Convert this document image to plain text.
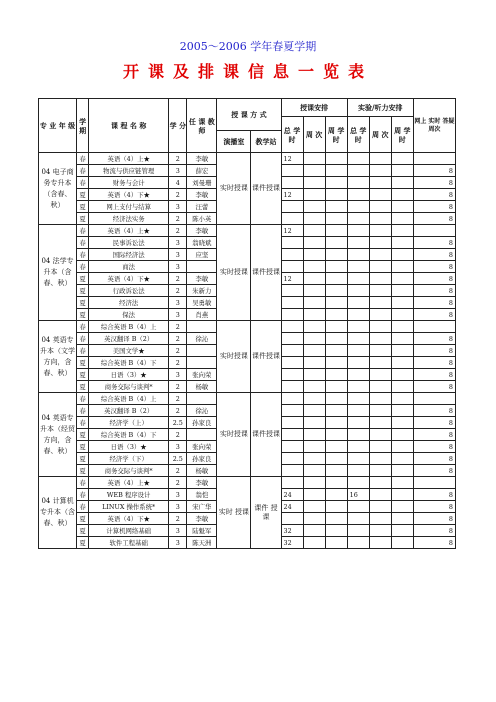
2005～2006 学年春夏学期
开课及排课信息一览表
专 业 年 级	学 期	课 程 名 称	学 分	任 课 教 师	授 课 方 式		授课安排			实验/听力安排			网上 实时 答疑 周次
							总 学 时	周 次	周 学 时	总 学 时	周 次	周 学 时	
					演播室	教学站							
04 电子商务专升本（含春、秋）	春	英语（4）上★	2	李敏	实时授课	课件授课	12						
	春	物流与供应链管理	3	薛宏									8
	春	财务与会计	4	刘曼珊									8
	夏	英语（4）下★	2	李敏			12						8
	夏	网上支付与结算	3	汪蕾									8
	夏	经济法实务	2	陈小英									8
04 法学专升本（含春、秋）	春	英语（4）上★	2	李敏	实时授课	课件授课	12						
	春	民事诉讼法	3	翁晓斌									8
	春	国际经济法	3	应坚									8
	春	商法	3										8
	夏	英语（4）下★	2	李敏			12						8
	夏	行政诉讼法	2	朱新力									8
	夏	经济法	3	吴勇敏									8
	夏	保法	3	肖燕									8
04 英语专升本（文学方向，含春、秋）	春	综合英语 B（4）上	2		实时授课	课件授课							
	春	英汉翻译 B（2）	2	徐沁									8
	春	美国文学★	2										8
	夏	综合英语 B（4）下	2										8
	夏	日语（3）★	3	张向荣									8
	夏	商务交际与谈判*	2	杨敏									8
04 英语专升本（经贸方向，含春、秋）	春	综合英语 B（4）上	2		实时授课	课件授课							
	春	英汉翻译 B（2）	2	徐沁									8
	春	经济学（上）	2.5	孙家良									8
	夏	综合英语 B（4）下	2										8
	夏	日语（3）★	3	张向荣									8
	夏	经济学（下）	2.5	孙家良									8
	夏	商务交际与谈判*	2	杨敏									8
04 计算机专升本（含春、秋）	春	英语（4）上★	2	李敏	实时 授课	课件 授课							
	春	WEB 程序设计	3	翁恺			24			16			8
	春	LINUX 操作系统*	3	宋广华			24						8
	夏	英语（4）下★	2	李敏									8
	夏	计算机网络基础	3	陆魁军			32						8
	夏	软件工程基础	3	陈天洲			32						8
